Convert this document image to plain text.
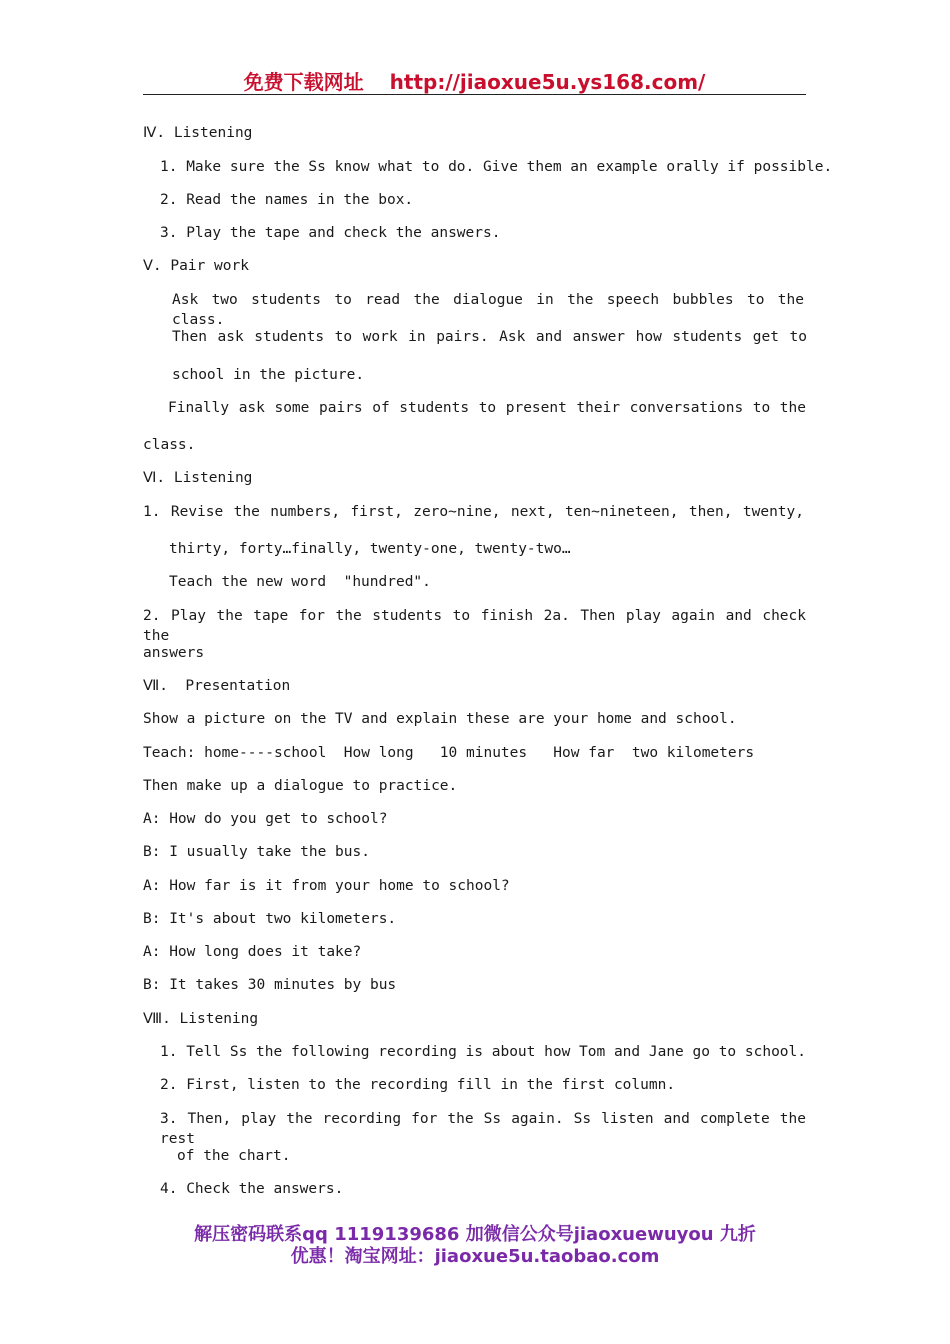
免费下载网址 http://jiaoxue5u.ys168.com/
Ⅳ. Listening
1. Make sure the Ss know what to do. Give them an example orally if possible.
2. Read the names in the box.
3. Play the tape and check the answers.
Ⅴ. Pair work
Ask two students to read the dialogue in the speech bubbles to the class.
Then ask students to work in pairs. Ask and answer how students get to
school in the picture.
Finally ask some pairs of students to present their conversations to the
class.
Ⅵ. Listening
1. Revise the numbers, first, zero~nine, next, ten~nineteen, then, twenty,
thirty, forty…finally, twenty-one, twenty-two…
Teach the new word  "hundred".
2. Play the tape for the students to finish 2a. Then play again and check the
answers
Ⅶ.  Presentation
Show a picture on the TV and explain these are your home and school.
Teach: home----school  How long   10 minutes   How far  two kilometers
Then make up a dialogue to practice.
A: How do you get to school?
B: I usually take the bus.
A: How far is it from your home to school?
B: It's about two kilometers.
A: How long does it take?
B: It takes 30 minutes by bus
Ⅷ. Listening
1. Tell Ss the following recording is about how Tom and Jane go to school.
2. First, listen to the recording fill in the first column.
3. Then, play the recording for the Ss again. Ss listen and complete the rest
of the chart.
4. Check the answers.
解压密码联系qq 1119139686 加微信公众号jiaoxuewuyou 九折
优惠！淘宝网址：jiaoxue5u.taobao.com
